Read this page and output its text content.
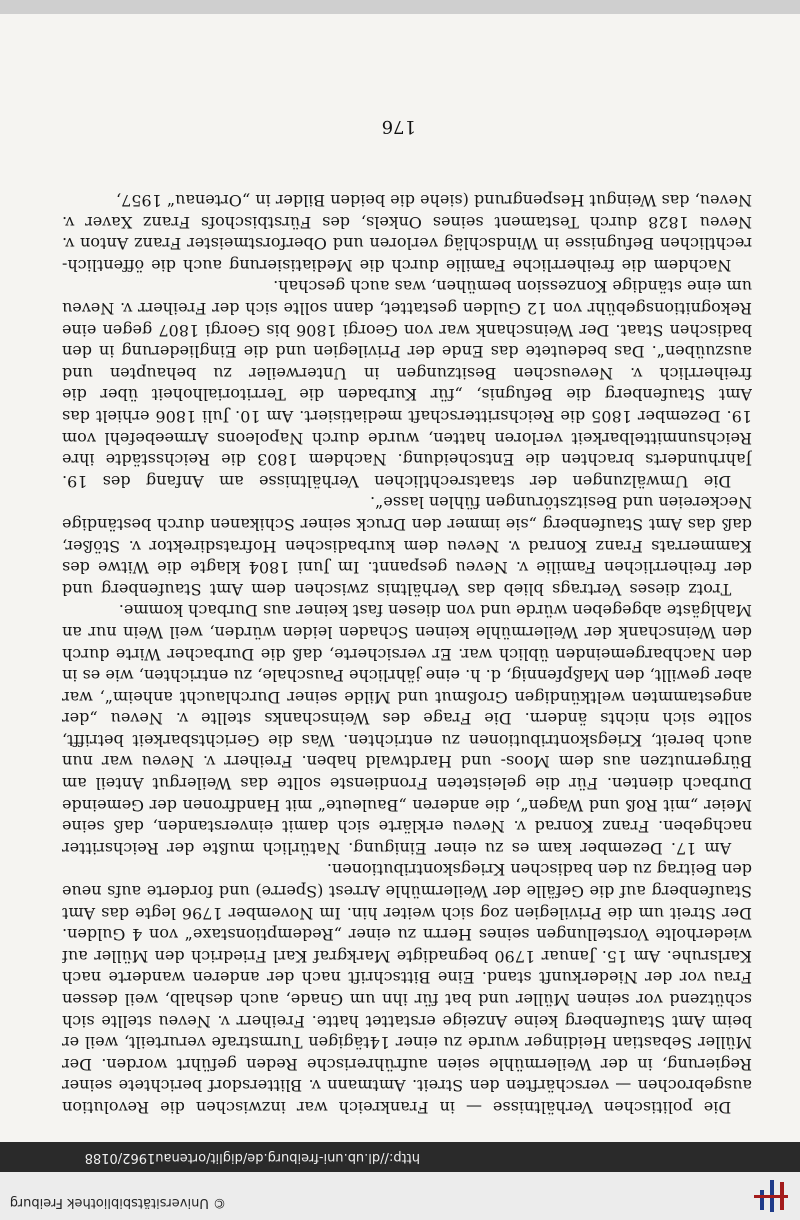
© Universitätsbibliothek Freiburg
http://dl.ub.uni-freiburg.de/diglit/ortenau1962/0188

Die politischen Verhältnisse — in Frankreich war inzwischen die Revolution ausgebrochen — verschärften den Streit. Amtmann v. Blittersdorf berichtete seiner Regierung, in der Weilermühle seien aufrührerische Reden geführt worden. Der Müller Sebastian Heidinger wurde zu einer 14tägigen Turmstrafe verurteilt, weil er beim Amt Staufenberg keine Anzeige erstattet hatte. Freiherr v. Neveu stellte sich schützend vor seinen Müller und bat für ihn um Gnade, auch deshalb, weil dessen Frau vor der Niederkunft stand. Eine Bittschrift nach der anderen wanderte nach Karlsruhe. Am 15. Januar 1790 begnadigte Markgraf Karl Friedrich den Müller auf wiederholte Vorstellungen seines Herrn zu einer „Redemptionstaxe“ von 4 Gulden. Der Streit um die Privilegien zog sich weiter hin. Im November 1796 legte das Amt Staufenberg auf die Gefälle der Weilermühle Arrest (Sperre) und forderte aufs neue den Beitrag zu den badischen Kriegskontributionen.

Am 17. Dezember kam es zu einer Einigung. Natürlich mußte der Reichsritter nachgeben. Franz Konrad v. Neveu erklärte sich damit einverstanden, daß seine Meier „mit Roß und Wagen“, die anderen „Bauleute“ mit Handfronen der Gemeinde Durbach dienten. Für die geleisteten Frondienste sollte das Weilergut Anteil am Bürgernutzen aus dem Moos- und Hardtwald haben. Freiherr v. Neveu war nun auch bereit, Kriegskontributionen zu entrichten. Was die Gerichtsbarkeit betrifft, sollte sich nichts ändern. Die Frage des Weinschanks stellte v. Neveu „der angestammten weltkündigen Großmut und Milde seiner Durchlaucht anheim“, war aber gewillt, den Maßpfennig, d. h. eine jährliche Pauschale, zu entrichten, wie es in den Nachbargemeinden üblich war. Er versicherte, daß die Durbacher Wirte durch den Weinschank der Weilermühle keinen Schaden leiden würden, weil Wein nur an Mahlgäste abgegeben würde und von diesen fast keiner aus Durbach komme.

Trotz dieses Vertrags blieb das Verhältnis zwischen dem Amt Staufenberg und der freiherrlichen Familie v. Neveu gespannt. Im Juni 1804 klagte die Witwe des Kammerrats Franz Konrad v. Neveu dem kurbadischen Hofratsdirektor v. Stößer, daß das Amt Staufenberg „sie immer den Druck seiner Schikanen durch beständige Neckereien und Besitzstörungen fühlen lasse“.

Die Umwälzungen der staatsrechtlichen Verhältnisse am Anfang des 19. Jahrhunderts brachten die Entscheidung. Nachdem 1803 die Reichsstädte ihre Reichsunmittelbarkeit verloren hatten, wurde durch Napoleons Armeebefehl vom 19. Dezember 1805 die Reichsritterschaft mediatisiert. Am 10. Juli 1806 erhielt das Amt Staufenberg die Befugnis, „für Kurbaden die Territorialhoheit über die freiherrlich v. Neveuschen Besitzungen in Unterweiler zu behaupten und auszuüben“. Das bedeutete das Ende der Privilegien und die Eingliederung in den badischen Staat. Der Weinschank war von Georgi 1806 bis Georgi 1807 gegen eine Rekognitionsgebühr von 12 Gulden gestattet, dann sollte sich der Freiherr v. Neveu um eine ständige Konzession bemühen, was auch geschah.

Nachdem die freiherrliche Familie durch die Mediatisierung auch die öffentlich-rechtlichen Befugnisse in Windschläg verloren und Oberforstmeister Franz Anton v. Neveu 1828 durch Testament seines Onkels, des Fürstbischofs Franz Xaver v. Neveu, das Weingut Hespengrund (siehe die beiden Bilder in „Ortenau“ 1957,

176
